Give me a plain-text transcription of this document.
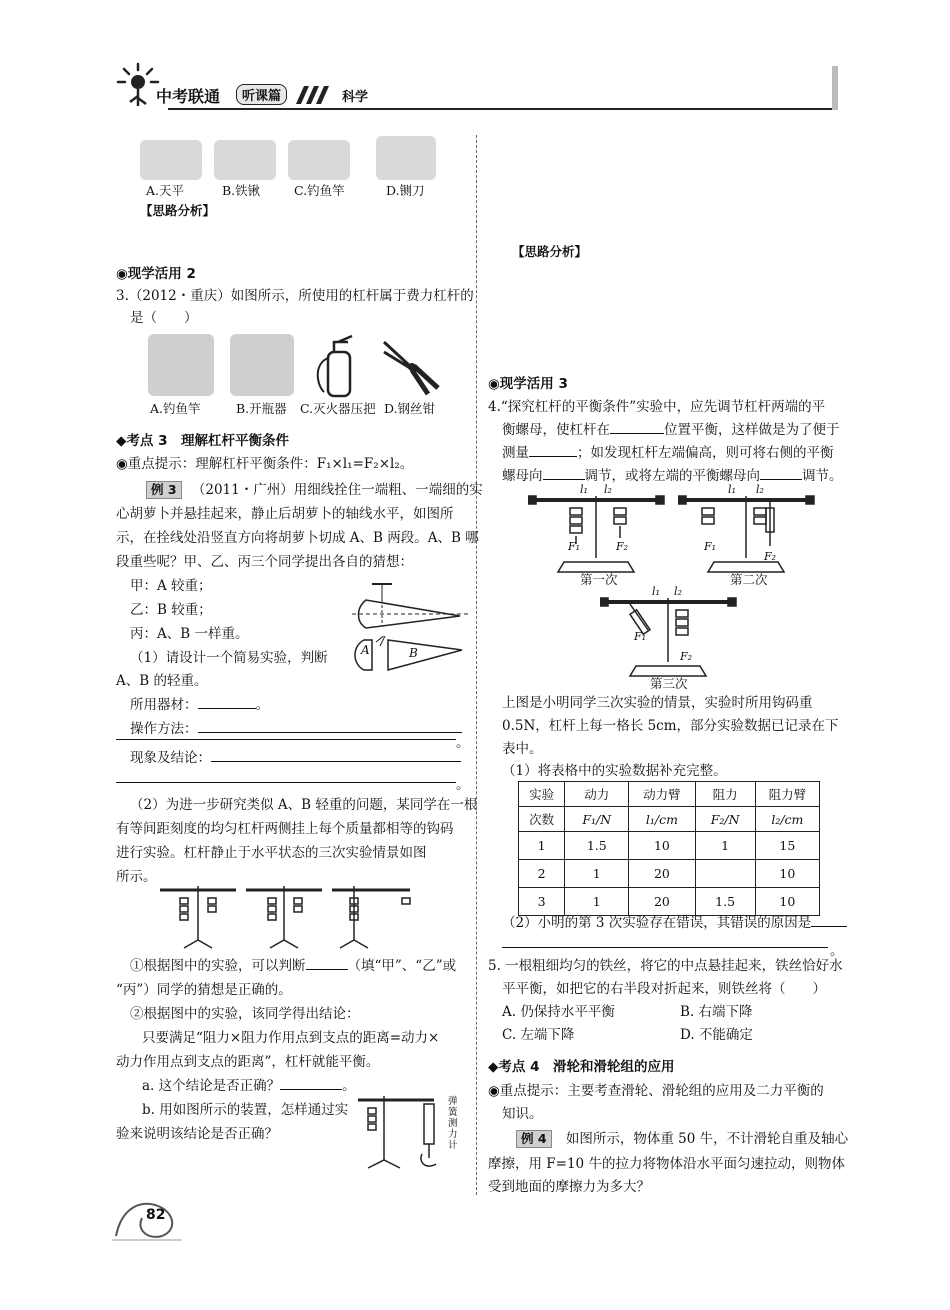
中考联通	听课篇	科学
A.天平	B.铁锹	C.钓鱼竿	D.铡刀
【思路分析】
◉现学活用 2
3.（2012・重庆）如图所示，所使用的杠杆属于费力杠杆的
是（　　）
A.钓鱼竿	B.开瓶器 C.灭火器压把 D.钢丝钳
◆考点 3　理解杠杆平衡条件
◉重点提示：理解杠杆平衡条件：F₁×l₁=F₂×l₂。
例 3 （2011・广州）用细线拴住一端粗、一端细的实
心胡萝卜并悬挂起来，静止后胡萝卜的轴线水平，如图所
示，在拴线处沿竖直方向将胡萝卜切成 A、B 两段。A、B 哪
段重些呢？甲、乙、丙三个同学提出各自的猜想：
甲：A 较重；
乙：B 较重；
丙：A、B 一样重。
A	B
（1）请设计一个简易实验，判断
A、B 的轻重。
所用器材：	。
操作方法：
。
现象及结论：
。
（2）为进一步研究类似 A、B 轻重的问题，某同学在一根
有等间距刻度的均匀杠杆两侧挂上每个质量都相等的钩码
进行实验。杠杆静止于水平状态的三次实验情景如图
所示。
①根据图中的实验，可以判断	（填“甲”、“乙”或
“丙”）同学的猜想是正确的。
②根据图中的实验，该同学得出结论：
只要满足“阻力×阻力作用点到支点的距离=动力×
动力作用点到支点的距离”，杠杆就能平衡。
a. 这个结论是否正确？	。
b. 用如图所示的装置，怎样通过实
验来说明该结论是否正确？
弹簧测力计
【思路分析】
◉现学活用 3
4.“探究杠杆的平衡条件”实验中，应先调节杠杆两端的平
衡螺母，使杠杆在	位置平衡，这样做是为了便于
测量	；如发现杠杆左端偏高，则可将右侧的平衡
螺母向	调节，或将左端的平衡螺母向	调节。
F₁	F₂
l₁ l₂
第一次
F₁
F₂
l₁ l₂
第二次
F₁
F₂
l₁ l₂
第三次
上图是小明同学三次实验的情景，实验时所用钩码重
0.5N，杠杆上每一格长 5cm，部分实验数据已记录在下
表中。
（1）将表格中的实验数据补充完整。
实验	动力	动力臂	阻力	阻力臂
次数	F₁/N	l₁/cm	F₂/N	l₂/cm
1	1.5	10	1	15
2	1	20		10
3	1	20	1.5	10
（2）小明的第 3 次实验存在错误，其错误的原因是
。
5. 一根粗细均匀的铁丝，将它的中点悬挂起来，铁丝恰好水
平平衡，如把它的右半段对折起来，则铁丝将（　　）
A. 仍保持水平平衡	B. 右端下降
C. 左端下降	D. 不能确定
◆考点 4　滑轮和滑轮组的应用
◉重点提示：主要考查滑轮、滑轮组的应用及二力平衡的
知识。
例 4 如图所示，物体重 50 牛，不计滑轮自重及轴心
摩擦，用 F=10 牛的拉力将物体沿水平面匀速拉动，则物体
受到地面的摩擦力为多大？
82
